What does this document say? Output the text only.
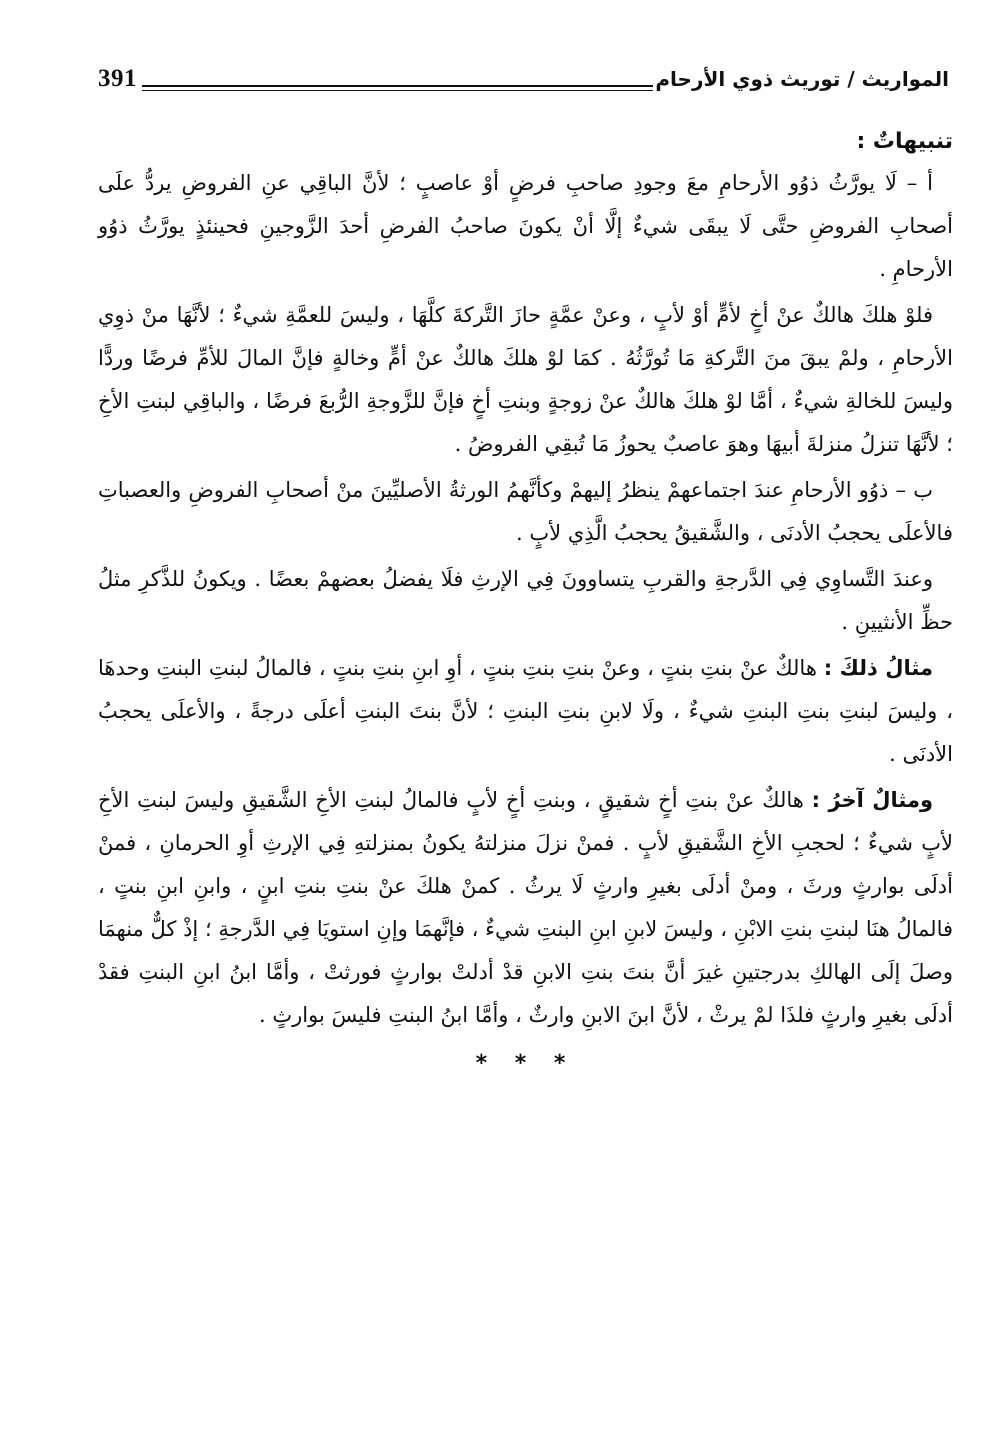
391	المواريث / توريث ذوي الأرحام
تنبيهاتٌ :

أ – لَا يورَّثُ ذوُو الأرحامِ معَ وجودِ صاحبِ فرضٍ أوْ عاصبٍ ؛ لأنَّ الباقِي عنِ الفروضِ يردُّ علَى أصحابِ الفروضِ حتَّى لَا يبقَى شيءٌ إلَّا أنْ يكونَ صاحبُ الفرضِ أحدَ الزَّوجينِ فحينئذٍ يورَّثُ ذوُو الأرحامِ .

فلوْ هلكَ هالكٌ عنْ أخٍ لأمٍّ أوْ لأبٍ ، وعنْ عمَّةٍ حازَ التَّركةَ كلَّهَا ، وليسَ للعمَّةِ شيءٌ ؛ لأنَّهَا منْ ذوِي الأرحامِ ، ولمْ يبقَ منَ التَّركةِ مَا تُورَّثُهُ . كمَا لوْ هلكَ هالكٌ عنْ أمٍّ وخالةٍ فإنَّ المالَ للأمِّ فرضًا وردًّا وليسَ للخالةِ شيءٌ ، أمَّا لوْ هلكَ هالكٌ عنْ زوجةٍ وبنتِ أخٍ فإنَّ للزَّوجةِ الرُّبعَ فرضًا ، والباقِي لبنتِ الأخِ ؛ لأنَّهَا تنزلُ منزلةَ أبيهَا وهوَ عاصبٌ يحوزُ مَا تُبقِي الفروضُ .

ب – ذوُو الأرحامِ عندَ اجتماعهمْ ينظرُ إليهمْ وكأنَّهمُ الورثةُ الأصليِّينَ منْ أصحابِ الفروضِ والعصباتِ فالأعلَى يحجبُ الأدنَى ، والشَّقيقُ يحجبُ الَّذِي لأبٍ .

وعندَ التَّساوِي فِي الدَّرجةِ والقربِ يتساوونَ فِي الإرثِ فلَا يفضلُ بعضهمْ بعضًا . ويكونُ للذَّكرِ مثلُ حظِّ الأنثيينِ .

مثالُ ذلكَ : هالكٌ عنْ بنتِ بنتٍ ، وعنْ بنتِ بنتِ بنتٍ ، أوِ ابنِ بنتِ بنتٍ ، فالمالُ لبنتِ البنتِ وحدهَا ، وليسَ لبنتِ بنتِ البنتِ شيءٌ ، ولَا لابنِ بنتِ البنتِ ؛ لأنَّ بنتَ البنتِ أعلَى درجةً ، والأعلَى يحجبُ الأدنَى .

ومثالٌ آخرُ : هالكٌ عنْ بنتِ أخٍ شقيقٍ ، وبنتِ أخٍ لأبٍ فالمالُ لبنتِ الأخِ الشَّقيقِ وليسَ لبنتِ الأخِ لأبٍ شيءٌ ؛ لحجبِ الأخِ الشَّقيقِ لأبٍ . فمنْ نزلَ منزلتهُ يكونُ بمنزلتهِ فِي الإرثِ أوِ الحرمانِ ، فمنْ أدلَى بوارثٍ ورثَ ، ومنْ أدلَى بغيرِ وارثٍ لَا يرثُ . كمنْ هلكَ عنْ بنتِ بنتِ ابنٍ ، وابنِ ابنِ بنتٍ ، فالمالُ هنَا لبنتِ بنتِ الابْنِ ، وليسَ لابنِ ابنِ البنتِ شيءٌ ، فإنَّهمَا وإنِ استويَا فِي الدَّرجةِ ؛ إذْ كلٌّ منهمَا وصلَ إلَى الهالكِ بدرجتينِ غيرَ أنَّ بنتَ بنتِ الابنِ قدْ أدلتْ بوارثٍ فورثتْ ، وأمَّا ابنُ ابنِ البنتِ فقدْ أدلَى بغيرِ وارثٍ فلذَا لمْ يرثْ ، لأنَّ ابنَ الابنِ وارثٌ ، وأمَّا ابنُ البنتِ فليسَ بوارثٍ .

* * *
